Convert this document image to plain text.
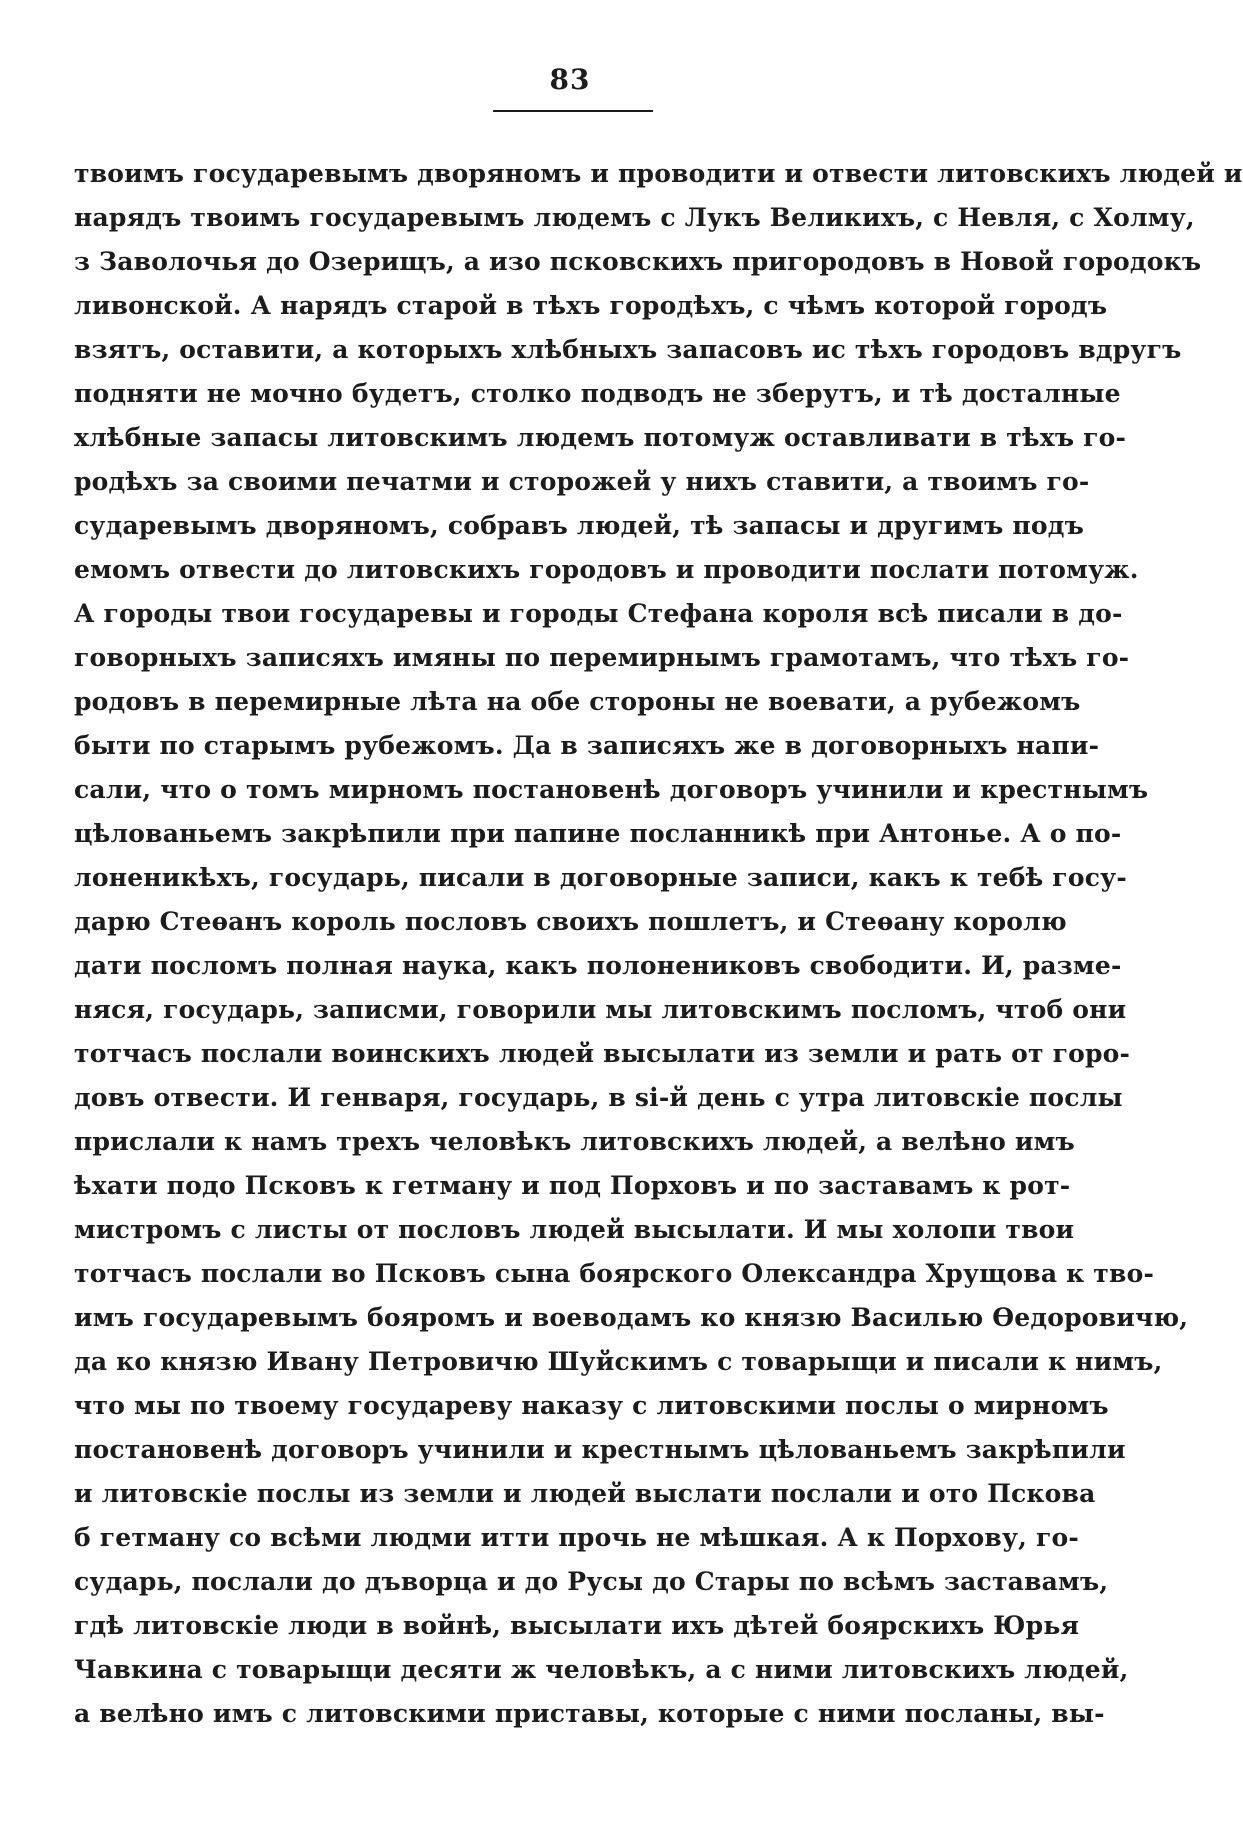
83
твоимъ государевымъ дворяномъ и проводити и отвести литовскихъ людей и
нарядъ твоимъ государевымъ людемъ с Лукъ Великихъ, с Невля, с Холму,
з Заволочья до Озерищъ, а изо псковскихъ пригородовъ в Новой городокъ
ливонской. А нарядъ старой в тѣхъ городѣхъ, с чѣмъ которой городъ
взятъ, оставити, а которыхъ хлѣбныхъ запасовъ ис тѣхъ городовъ вдругъ
подняти не мочно будетъ, столко подводъ не зберутъ, и тѣ досталные
хлѣбные запасы литовскимъ людемъ потомуж оставливати в тѣхъ го-
родѣхъ за своими печатми и сторожей у нихъ ставити, а твоимъ го-
сударевымъ дворяномъ, собравъ людей, тѣ запасы и другимъ подъ
емомъ отвести до литовскихъ городовъ и проводити послати потомуж.
А городы твои государевы и городы Стефана короля всѣ писали в до-
говорныхъ записяхъ имяны по перемирнымъ грамотамъ, что тѣхъ го-
родовъ в перемирные лѣта на обе стороны не воевати, а рубежомъ
быти по старымъ рубежомъ. Да в записяхъ же в договорныхъ напи-
сали, что о томъ мирномъ постановенѣ договоръ учинили и крестнымъ
цѣлованьемъ закрѣпили при папине посланникѣ при Антонье. А о по-
лоненикѣхъ, государь, писали в договорные записи, какъ к тебѣ госу-
дарю Стеѳанъ король пословъ своихъ пошлетъ, и Стеѳану королю
дати посломъ полная наука, какъ полонениковъ свободити. И, разме-
няся, государь, записми, говорили мы литовскимъ посломъ, чтоб они
тотчасъ послали воинскихъ людей высылати из земли и рать от горо-
довъ отвести. И генваря, государь, в ѕі-й день с утра литовскіе послы
прислали к намъ трехъ человѣкъ литовскихъ людей, а велѣно имъ
ѣхати подо Псковъ к гетману и под Порховъ и по заставамъ к рот-
мистромъ с листы от пословъ людей высылати. И мы холопи твои
тотчасъ послали во Псковъ сына боярского Олександра Хрущова к тво-
имъ государевымъ бояромъ и воеводамъ ко князю Василью Ѳедоровичю,
да ко князю Ивану Петровичю Шуйскимъ с товарыщи и писали к нимъ,
что мы по твоему государеву наказу с литовскими послы о мирномъ
постановенѣ договоръ учинили и крестнымъ цѣлованьемъ закрѣпили
и литовскіе послы из земли и людей выслати послали и ото Пскова
б гетману со всѣми людми итти прочь не мѣшкая. А к Порхову, го-
сударь, послали до дъворца и до Русы до Стары по всѣмъ заставамъ,
гдѣ литовскіе люди в войнѣ, высылати ихъ дѣтей боярскихъ Юрья
Чавкина с товарыщи десяти ж человѣкъ, а с ними литовскихъ людей,
а велѣно имъ с литовскими приставы, которые с ними посланы, вы-
